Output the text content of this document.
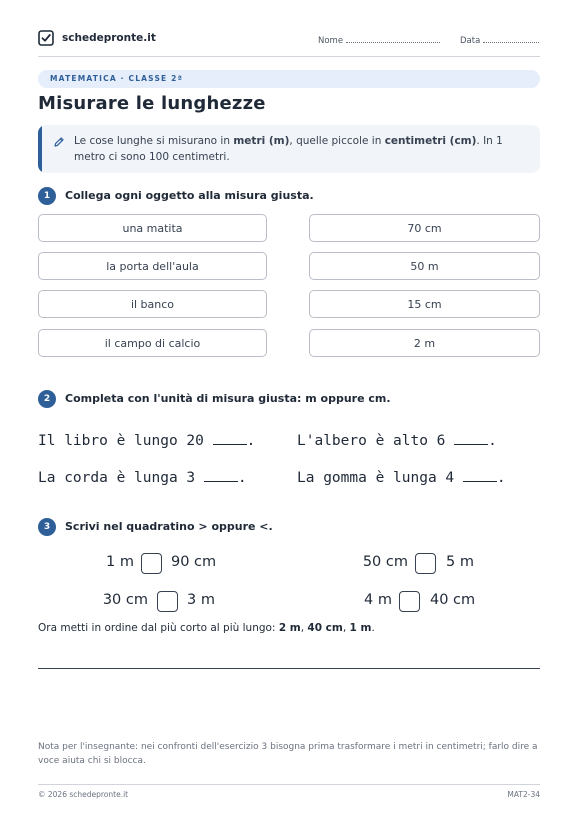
schedepronte.it	Nome	Data
MATEMATICA · CLASSE 2ª
Misurare le lunghezze
Le cose lunghe si misurano in metri (m), quelle piccole in centimetri (cm). In 1 metro ci sono 100 centimetri.
1	Collega ogni oggetto alla misura giusta.
una matita	70 cm
la porta dell'aula	50 m
il banco	15 cm
il campo di calcio	2 m
2	Completa con l'unità di misura giusta: m oppure cm.
Il libro è lungo 20	.	L'albero è alto 6	.
La corda è lunga 3	.	La gomma è lunga 4	.
3	Scrivi nel quadratino > oppure <.
1 m	90 cm	50 cm	5 m
30 cm	3 m	4 m	40 cm
Ora metti in ordine dal più corto al più lungo: 2 m, 40 cm, 1 m.
Nota per l'insegnante: nei confronti dell'esercizio 3 bisogna prima trasformare i metri in centimetri; farlo dire a voce aiuta chi si blocca.
© 2026 schedepronte.it	MAT2-34
